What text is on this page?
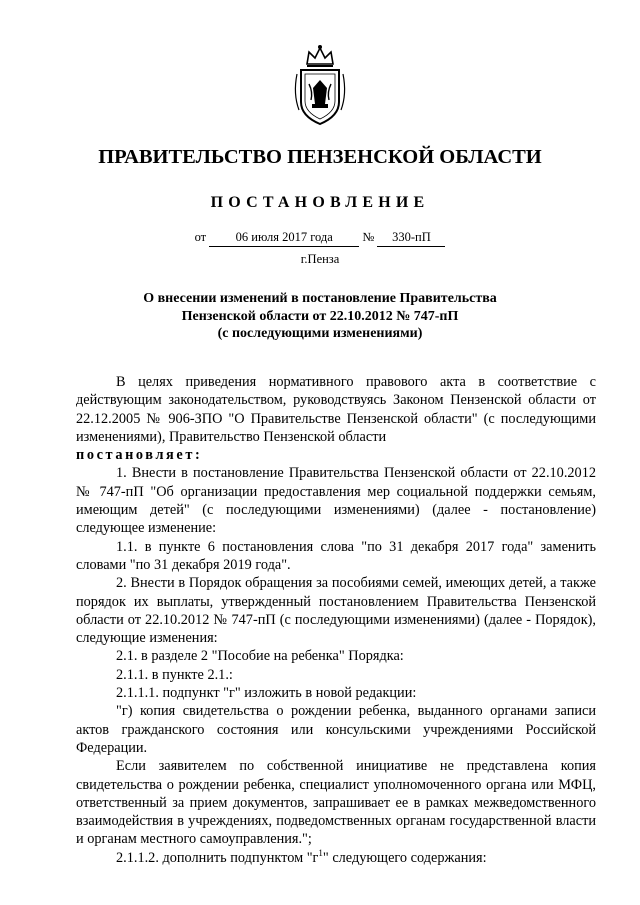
ПРАВИТЕЛЬСТВО ПЕНЗЕНСКОЙ ОБЛАСТИ
ПОСТАНОВЛЕНИЕ
от 06 июля 2017 года № 330-пП
г.Пенза
О внесении изменений в постановление Правительства
Пензенской области от 22.10.2012 № 747-пП
(с последующими изменениями)

В целях приведения нормативного правового акта в соответствие с действующим законодательством, руководствуясь Законом Пензенской области от 22.12.2005 № 906-ЗПО "О Правительстве Пензенской области" (с последующими изменениями), Правительство Пензенской области
постановляет:

1. Внести в постановление Правительства Пензенской области от 22.10.2012 № 747-пП "Об организации предоставления мер социальной поддержки семьям, имеющим детей" (с последующими изменениями) (далее - постановление) следующее изменение:

1.1. в пункте 6 постановления слова "по 31 декабря 2017 года" заменить словами "по 31 декабря 2019 года".

2. Внести в Порядок обращения за пособиями семей, имеющих детей, а также порядок их выплаты, утвержденный постановлением Правительства Пензенской области от 22.10.2012 № 747-пП (с последующими изменениями) (далее - Порядок), следующие изменения:

2.1. в разделе 2 "Пособие на ребенка" Порядка:

2.1.1. в пункте 2.1.:

2.1.1.1. подпункт "г" изложить в новой редакции:

"г) копия свидетельства о рождении ребенка, выданного органами записи актов гражданского состояния или консульскими учреждениями Российской Федерации.

Если заявителем по собственной инициативе не представлена копия свидетельства о рождении ребенка, специалист уполномоченного органа или МФЦ, ответственный за прием документов, запрашивает ее в рамках межведомственного взаимодействия в учреждениях, подведомственных органам государственной власти и органам местного самоуправления.";

2.1.1.2. дополнить подпунктом "$г^1$" следующего содержания:
